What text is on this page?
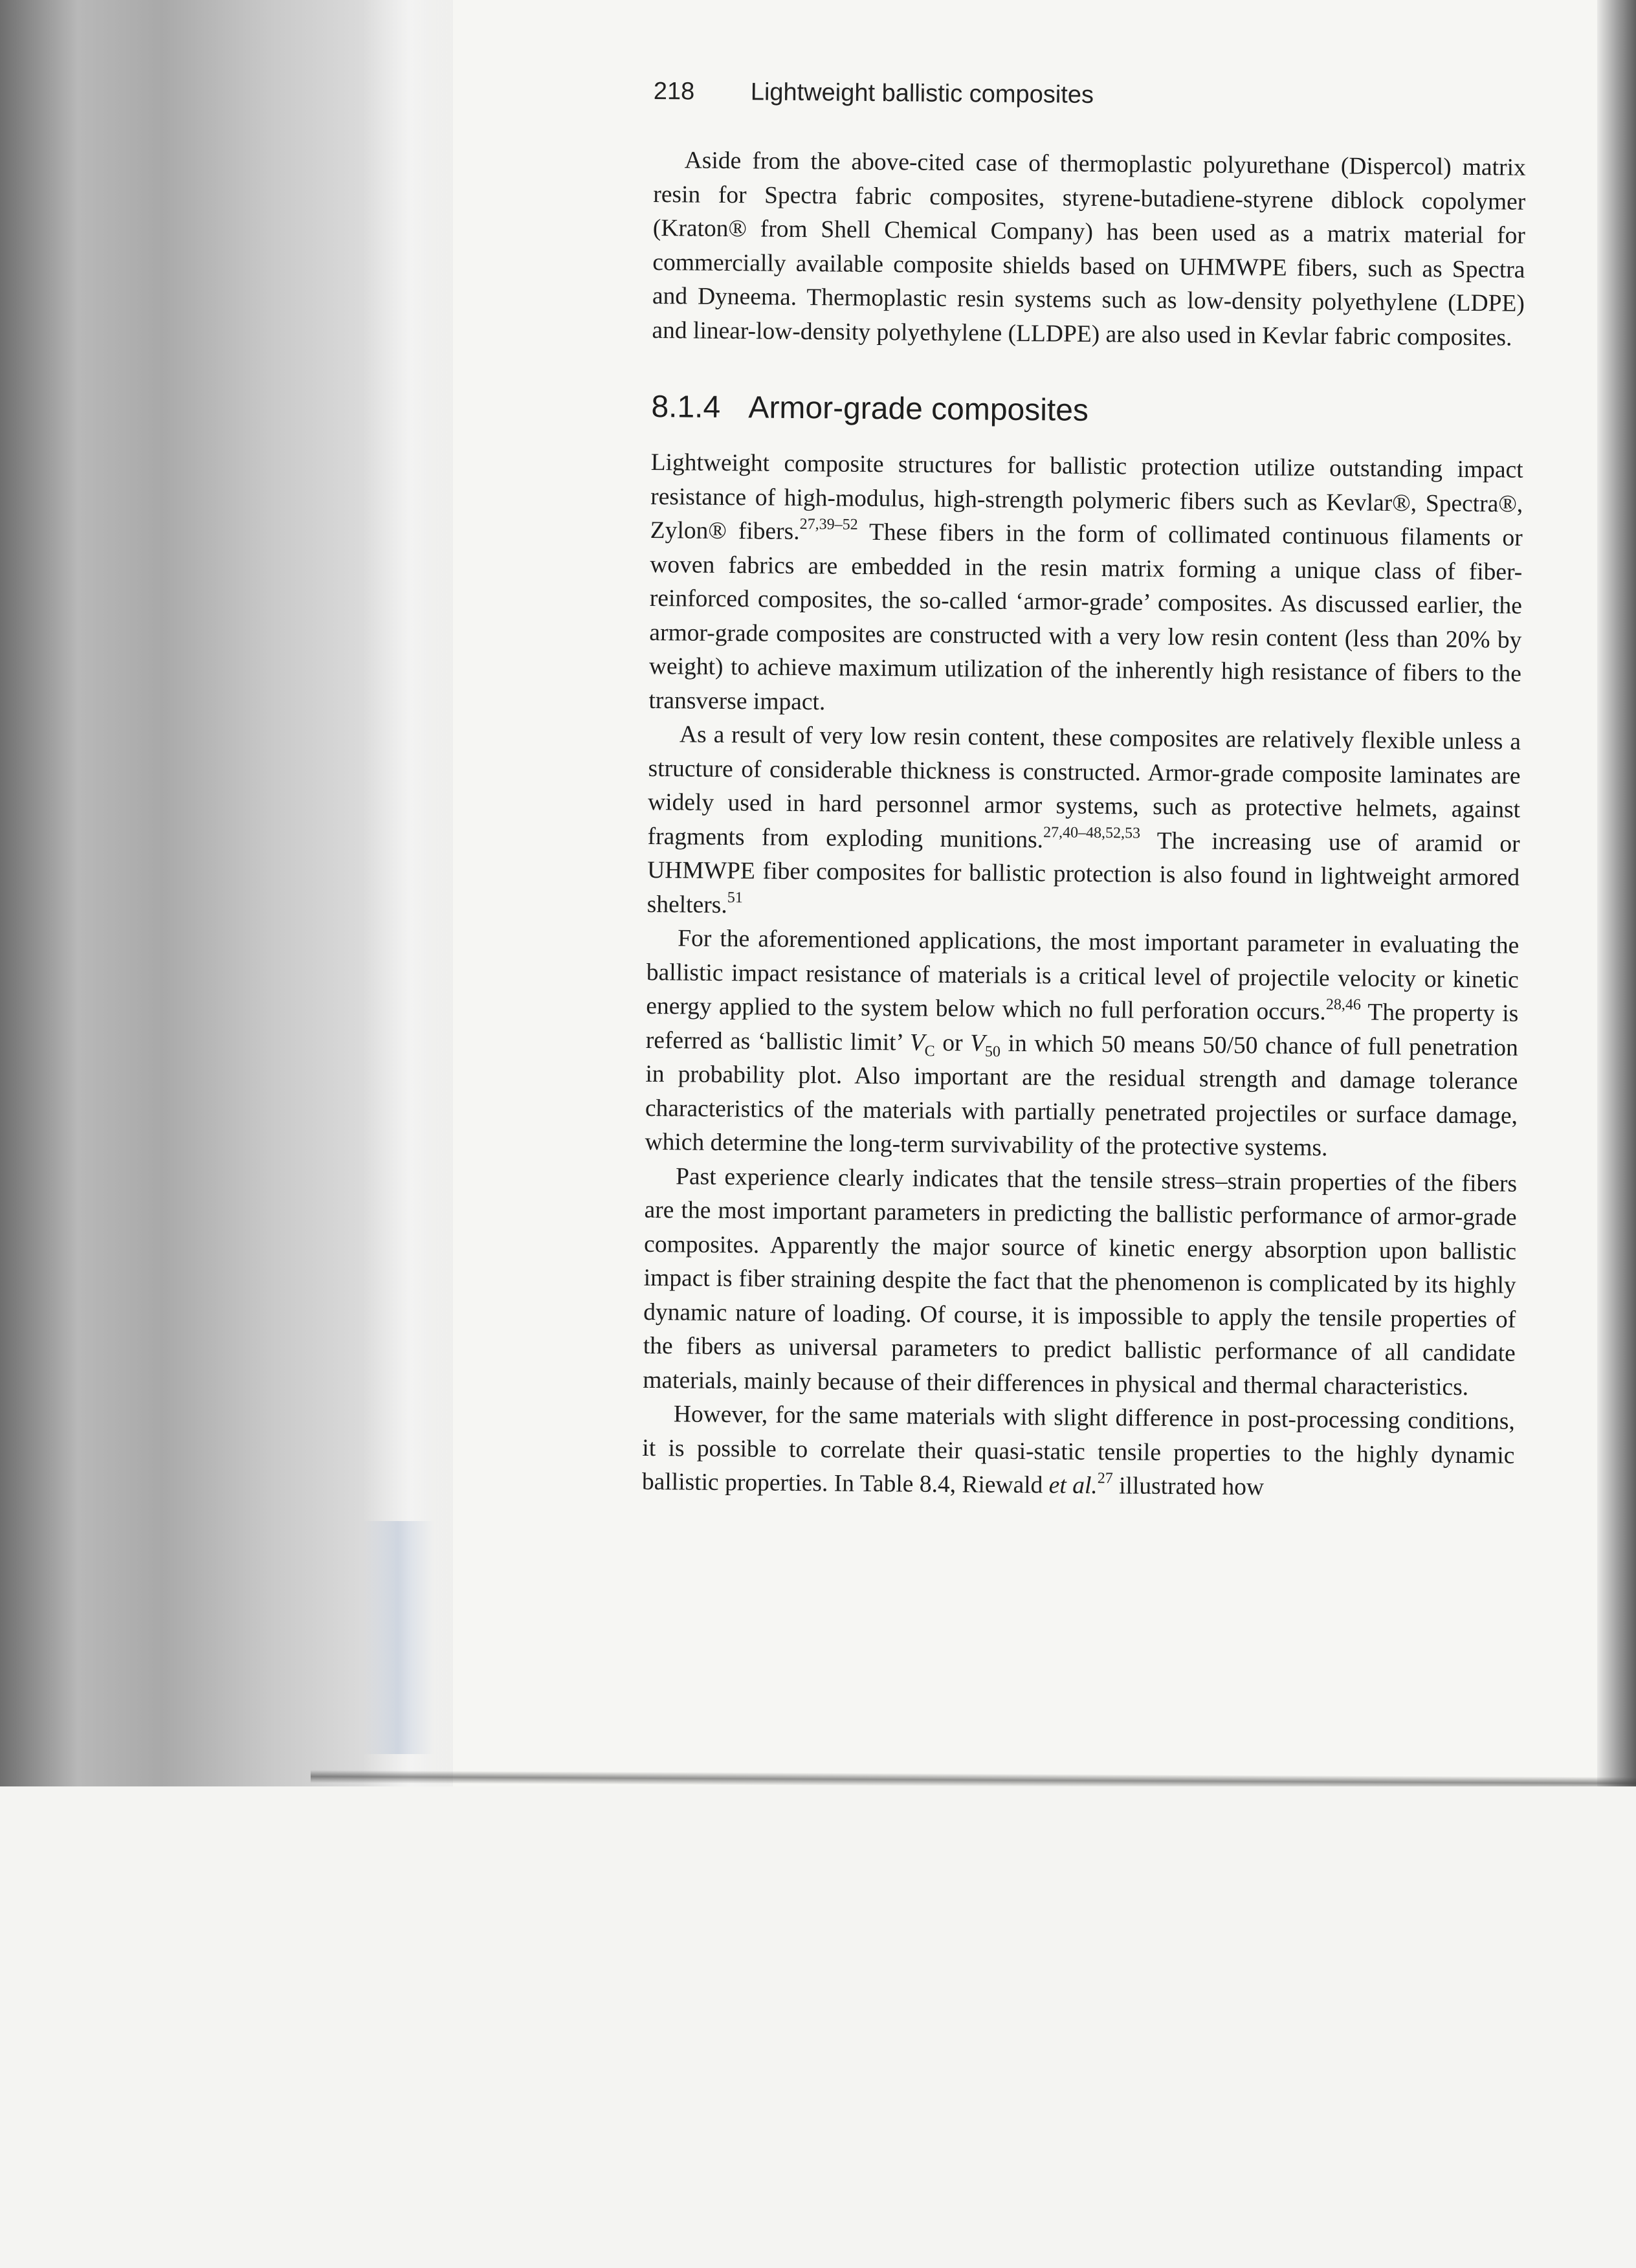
218 Lightweight ballistic composites

Aside from the above-cited case of thermoplastic polyurethane (Dispercol) matrix resin for Spectra fabric composites, styrene-butadiene-styrene diblock copolymer (Kraton® from Shell Chemical Company) has been used as a matrix material for commercially available composite shields based on UHMWPE fibers, such as Spectra and Dyneema. Thermoplastic resin systems such as low-density polyethylene (LDPE) and linear-low-density polyethylene (LLDPE) are also used in Kevlar fabric composites.

8.1.4 Armor-grade composites

Lightweight composite structures for ballistic protection utilize outstanding impact resistance of high-modulus, high-strength polymeric fibers such as Kevlar®, Spectra®, Zylon® fibers.$^{27,39-52}$ These fibers in the form of collimated continuous filaments or woven fabrics are embedded in the resin matrix forming a unique class of fiber-reinforced composites, the so-called ‘armor-grade’ composites. As discussed earlier, the armor-grade composites are constructed with a very low resin content (less than 20% by weight) to achieve maximum utilization of the inherently high resistance of fibers to the transverse impact.

As a result of very low resin content, these composites are relatively flexible unless a structure of considerable thickness is constructed. Armor-grade composite laminates are widely used in hard personnel armor systems, such as protective helmets, against fragments from exploding munitions.$^{27,40-48,52,53}$ The increasing use of aramid or UHMWPE fiber composites for ballistic protection is also found in lightweight armored shelters.$^{51}$

For the aforementioned applications, the most important parameter in evaluating the ballistic impact resistance of materials is a critical level of projectile velocity or kinetic energy applied to the system below which no full perforation occurs.$^{28,46}$ The property is referred as ‘ballistic limit’ $V_C$ or $V_{50}$ in which 50 means 50/50 chance of full penetration in probability plot. Also important are the residual strength and damage tolerance characteristics of the materials with partially penetrated projectiles or surface damage, which determine the long-term survivability of the protective systems.

Past experience clearly indicates that the tensile stress–strain properties of the fibers are the most important parameters in predicting the ballistic performance of armor-grade composites. Apparently the major source of kinetic energy absorption upon ballistic impact is fiber straining despite the fact that the phenomenon is complicated by its highly dynamic nature of loading. Of course, it is impossible to apply the tensile properties of the fibers as universal parameters to predict ballistic performance of all candidate materials, mainly because of their differences in physical and thermal characteristics.

However, for the same materials with slight difference in post-processing conditions, it is possible to correlate their quasi-static tensile properties to the highly dynamic ballistic properties. In Table 8.4, Riewald et al.$^{27}$ illustrated how
